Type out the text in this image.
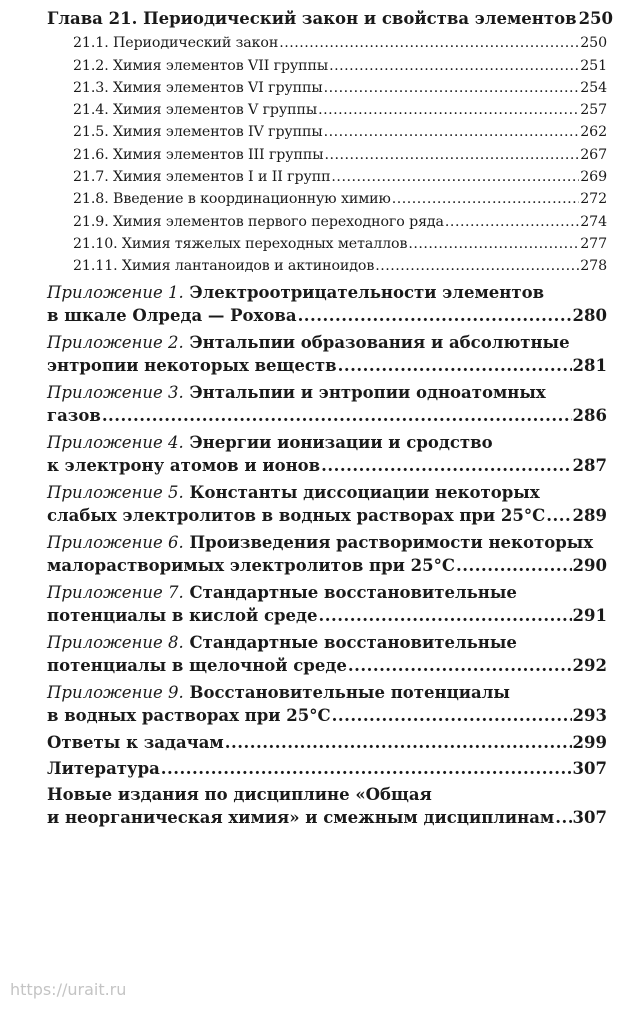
Глава 21. Периодический закон и свойства элементов 250
21.1. Периодический закон .....	250
21.2. Химия элементов VII группы .....	251
21.3. Химия элементов VI группы .....	254
21.4. Химия элементов V группы .....	257
21.5. Химия элементов IV группы .....	262
21.6. Химия элементов III группы .....	267
21.7. Химия элементов I и II групп .....	269
21.8. Введение в координационную химию .....	272
21.9. Химия элементов первого переходного ряда .....	274
21.10. Химия тяжелых переходных металлов .....	277
21.11. Химия лантаноидов и актиноидов .....	278
Приложение 1. Электроотрицательности элементов
в шкале Олреда — Рохова .....	280
Приложение 2. Энтальпии образования и абсолютные
энтропии некоторых веществ .....	281
Приложение 3. Энтальпии и энтропии одноатомных
газов .....	286
Приложение 4. Энергии ионизации и сродство
к электрону атомов и ионов .....	287
Приложение 5. Константы диссоциации некоторых
слабых электролитов в водных растворах при 25°C ..... 289
Приложение 6. Произведения растворимости некоторых
малорастворимых электролитов при 25°C .....	290
Приложение 7. Стандартные восстановительные
потенциалы в кислой среде .....	291
Приложение 8. Стандартные восстановительные
потенциалы в щелочной среде .....	292
Приложение 9. Восстановительные потенциалы
в водных растворах при 25°C .....	293
Ответы к задачам .....	299
Литература .....	307
Новые издания по дисциплине «Общая
и неорганическая химия» и смежным дисциплинам ..... 307
https://urait.ru
